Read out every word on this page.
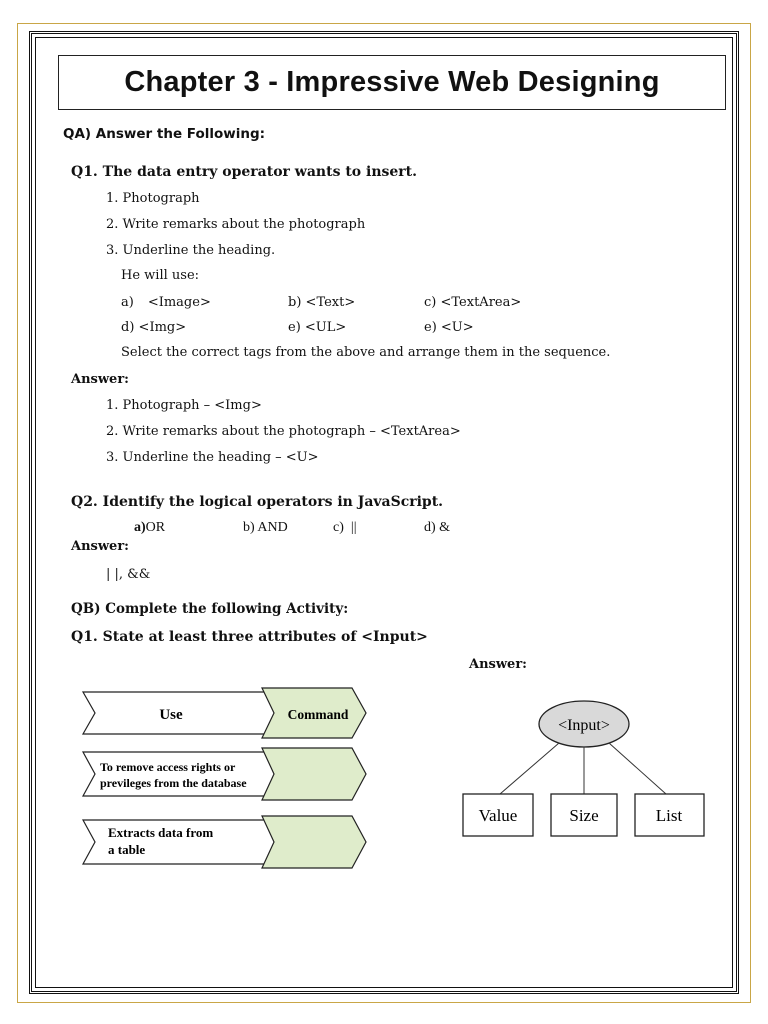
Chapter 3 - Impressive Web Designing
QA) Answer the Following:
Q1. The data entry operator wants to insert.
1. Photograph
2. Write remarks about the photograph
3. Underline the heading.
He will use:
a) <Image>	b) <Text>	c) <TextArea>
d) <Img>	e) <UL>	e) <U>
Select the correct tags from the above and arrange them in the sequence.
Answer:
1. Photograph – <Img>
2. Write remarks about the photograph – <TextArea>
3. Underline the heading – <U>
Q2. Identify the logical operators in JavaScript.
a)OR	b) AND	c) ||	d) &
Answer:
| |, &&
QB) Complete the following Activity:
Q1. State at least three attributes of <Input>
Answer:
Use	Command
To remove access rights or
previleges from the database
Extracts data from
a table
<Input>
Value	Size	List
